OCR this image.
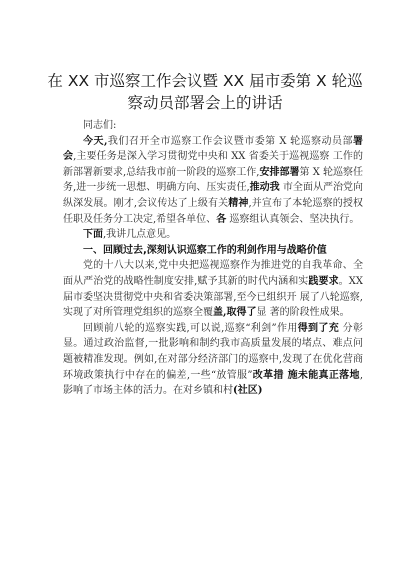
在 XX 市巡察工作会议暨 XX 届市委第 X 轮巡察动员部署会上的讲话

同志们:

今天,我们召开全市巡察工作会议暨市委第 X 轮巡察动员部署会,主要任务是深入学习贯彻党中央和 XX 省委关于巡视巡察 工作的新部署新要求,总结我市前一阶段的巡察工作,安排部署第 X 轮巡察任务,进一步统一思想、明确方向、压实责任,推动我 市全面从严治党向纵深发展。刚才,会议传达了上级有关精神,并宣布了本轮巡察的授权任职及任务分工决定,希望各单位、各 巡察组认真领会、坚决执行。

下面,我讲几点意见。

一、回顾过去,深刻认识巡察工作的利剑作用与战略价值

党的十八大以来,党中央把巡视巡察作为推进党的自我革命、全面从严治党的战略性制度安排,赋予其新的时代内涵和实践要求。XX 届市委坚决贯彻党中央和省委决策部署,至今已组织开 展了八轮巡察,实现了对所管理党组织的巡察全覆盖,取得了显 著的阶段性成果。

回顾前八轮的巡察实践,可以说,巡察“利剑”作用得到了充 分彰显。通过政治监督,一批影响和制约我市高质量发展的堵点、难点问题被精准发现。例如,在对部分经济部门的巡察中,发现了在优化营商环境政策执行中存在的偏差,一些“放管服”改革措 施未能真正落地,影响了市场主体的活力。在对乡镇和村(社区)
